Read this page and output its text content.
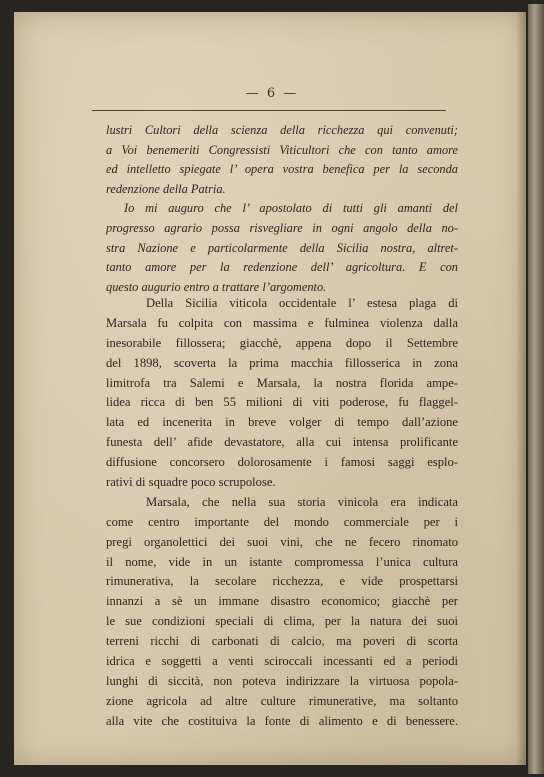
— 6 —
lustri Cultori della scienza della ricchezza qui convenuti;
a Voi benemeriti Congressisti Viticultori che con tanto amore
ed intelletto spiegate l’ opera vostra benefica per la seconda
redenzione della Patria.
Io mi auguro che l’ apostolato di tutti gli amanti del
progresso agrario possa risvegliare in ogni angolo della no-
stra Nazione e particolarmente della Sicilia nostra, altret-
tanto amore per la redenzione dell’ agricoltura. E con
questo augurio entro a trattare l’argomento.
Della Sicilia viticola occidentale l’ estesa plaga di
Marsala fu colpita con massima e fulminea violenza dalla
inesorabile fillossera; giacchè, appena dopo il Settembre
del 1898, scoverta la prima macchia fillosserica in zona
limitrofa tra Salemi e Marsala, la nostra florida ampe-
lidea ricca di ben 55 milioni di viti poderose, fu flaggel-
lata ed incenerita in breve volger di tempo dall’azione
funesta dell’ afide devastatore, alla cui intensa prolificante
diffusione concorsero dolorosamente i famosi saggi esplo-
rativi di squadre poco scrupolose.
Marsala, che nella sua storia vinicola era indicata
come centro importante del mondo commerciale per i
pregi organolettici dei suoi vini, che ne fecero rinomato
il nome, vide in un istante compromessa l’unica cultura
rimunerativa, la secolare ricchezza, e vide prospettarsi
innanzi a sè un immane disastro economico; giacchè per
le sue condizioni speciali di clima, per la natura dei suoi
terreni ricchi di carbonati di calcio, ma poveri di scorta
idrica e soggetti a venti sciroccali incessanti ed a periodi
lunghi di siccità, non poteva indirizzare la virtuosa popola-
zione agricola ad altre culture rimunerative, ma soltanto
alla vite che costituiva la fonte di alimento e di benessere.
